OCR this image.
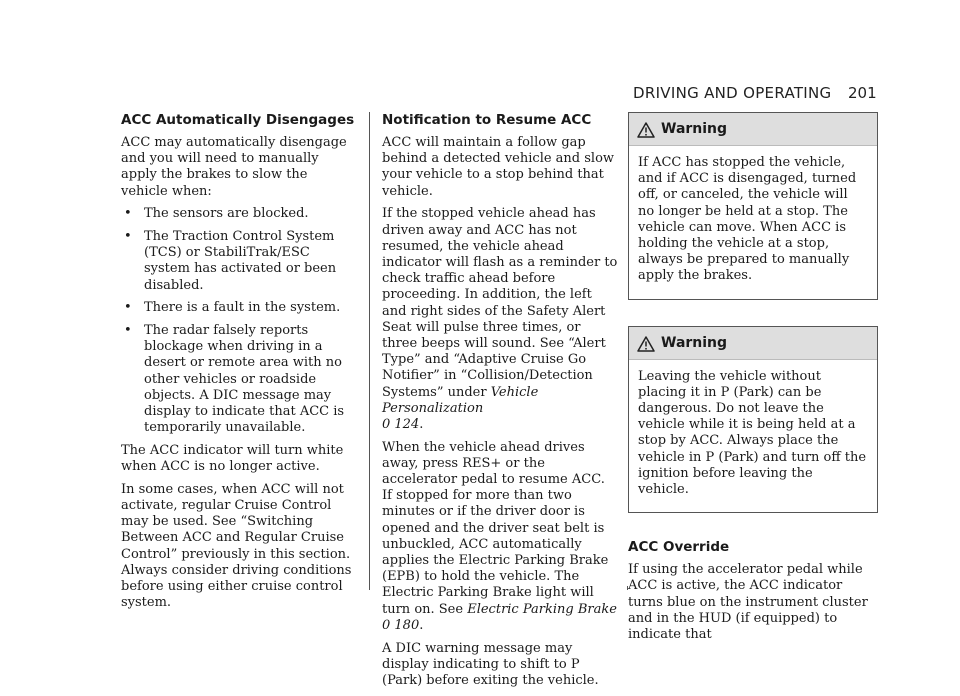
DRIVING AND OPERATING 201
ACC Automatically Disengages

ACC may automatically disengage and you will need to manually apply the brakes to slow the vehicle when:

• The sensors are blocked.
• The Traction Control System (TCS) or StabiliTrak/ESC system has activated or been disabled.
• There is a fault in the system.
• The radar falsely reports blockage when driving in a desert or remote area with no other vehicles or roadside objects. A DIC message may display to indicate that ACC is temporarily unavailable.

The ACC indicator will turn white when ACC is no longer active.

In some cases, when ACC will not activate, regular Cruise Control may be used. See “Switching Between ACC and Regular Cruise Control” previously in this section. Always consider driving conditions before using either cruise control system.

Notification to Resume ACC

ACC will maintain a follow gap behind a detected vehicle and slow your vehicle to a stop behind that vehicle.

If the stopped vehicle ahead has driven away and ACC has not resumed, the vehicle ahead indicator will flash as a reminder to check traffic ahead before proceeding. In addition, the left and right sides of the Safety Alert Seat will pulse three times, or three beeps will sound. See “Alert Type” and “Adaptive Cruise Go Notifier” in “Collision/Detection Systems” under Vehicle Personalization
0 124.

When the vehicle ahead drives away, press RES+ or the accelerator pedal to resume ACC. If stopped for more than two minutes or if the driver door is opened and the driver seat belt is unbuckled, ACC automatically applies the Electric Parking Brake (EPB) to hold the vehicle. The Electric Parking Brake light will turn on. See Electric Parking Brake 0 180.

A DIC warning message may display indicating to shift to P (Park) before exiting the vehicle.

Warning

If ACC has stopped the vehicle, and if ACC is disengaged, turned off, or canceled, the vehicle will no longer be held at a stop. The vehicle can move. When ACC is holding the vehicle at a stop, always be prepared to manually apply the brakes.

Warning

Leaving the vehicle without placing it in P (Park) can be dangerous. Do not leave the vehicle while it is being held at a stop by ACC. Always place the vehicle in P (Park) and turn off the ignition before leaving the vehicle.

ACC Override

If using the accelerator pedal while ACC is active, the ACC indicator turns blue on the instrument cluster and in the HUD (if equipped) to indicate that
